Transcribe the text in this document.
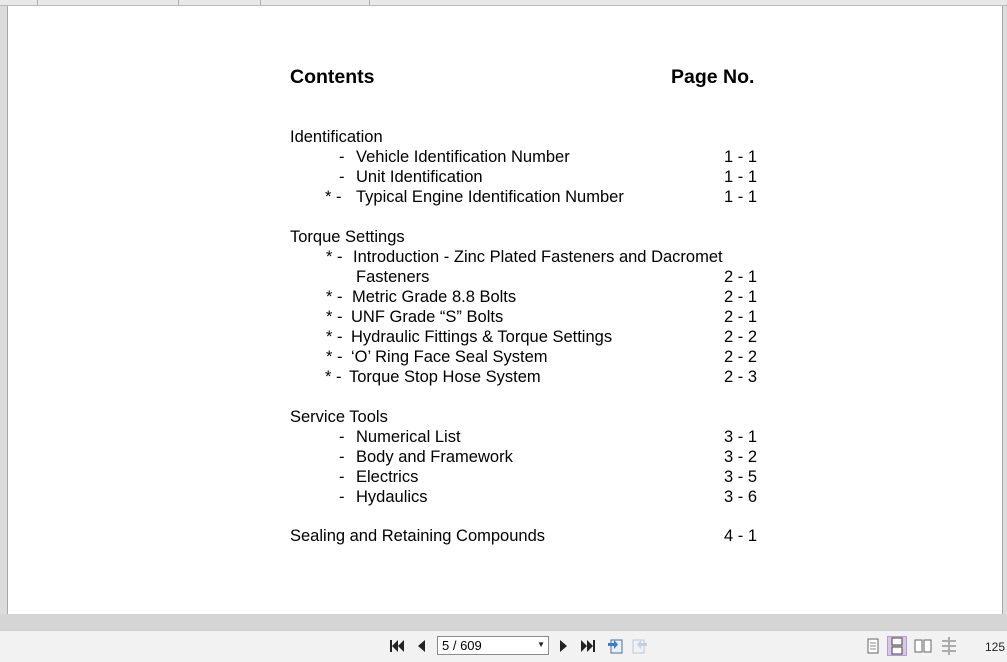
Contents	Page No.
Identification
- Vehicle Identification Number	1 - 1
- Unit Identification	1 - 1
* - Typical Engine Identification Number	1 - 1
Torque Settings
* - Introduction - Zinc Plated Fasteners and Dacromet
Fasteners	2 - 1
* - Metric Grade 8.8 Bolts	2 - 1
* - UNF Grade “S” Bolts	2 - 1
* - Hydraulic Fittings & Torque Settings	2 - 2
* - ‘O’ Ring Face Seal System	2 - 2
* - Torque Stop Hose System	2 - 3
Service Tools
- Numerical List	3 - 1
- Body and Framework	3 - 2
- Electrics	3 - 5
- Hydaulics	3 - 6
Sealing and Retaining Compounds	4 - 1
5 / 609	▼	125
